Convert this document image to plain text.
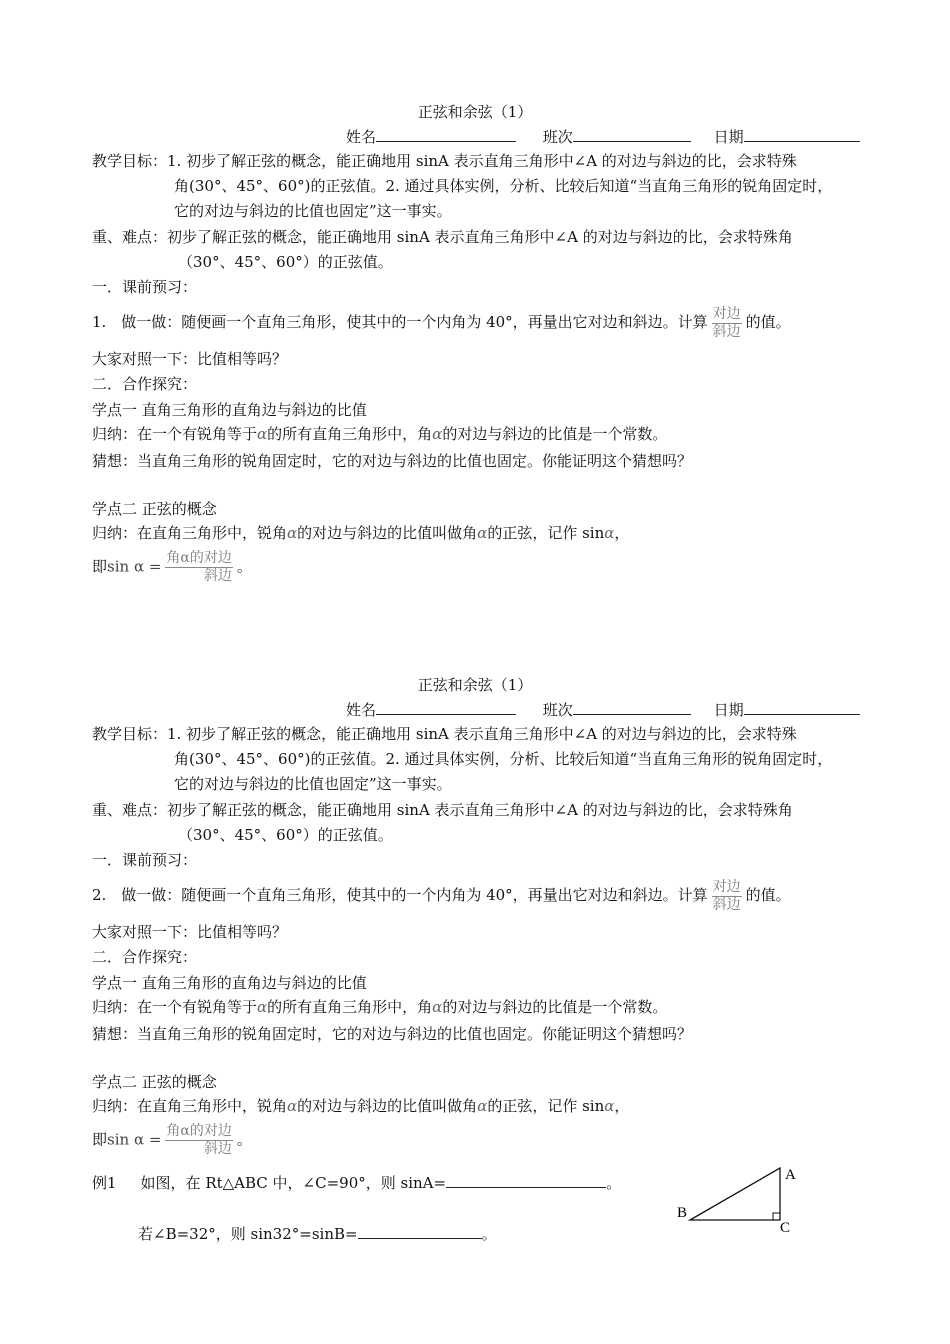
正弦和余弦（1）
姓名	班次	日期
教学目标：1. 初步了解正弦的概念，能正确地用 sinA 表示直角三角形中∠A 的对边与斜边的比，会求特殊
角(30°、45°、60°)的正弦值。2. 通过具体实例，分析、比较后知道“当直角三角形的锐角固定时，
它的对边与斜边的比值也固定”这一事实。
重、难点：初步了解正弦的概念，能正确地用 sinA 表示直角三角形中∠A 的对边与斜边的比，会求特殊角
（30°、45°、60°）的正弦值。
一．课前预习：
1.　做一做：随便画一个直角三角形，使其中的一个内角为 40°，再量出它对边和斜边。计算 $\frac{\text{对边}}{\text{斜边}}$ 的值。
大家对照一下：比值相等吗？
二．合作探究：
学点一 直角三角形的直角边与斜边的比值
归纳：在一个有锐角等于α的所有直角三角形中，角α的对边与斜边的比值是一个常数。
猜想：当直角三角形的锐角固定时，它的对边与斜边的比值也固定。你能证明这个猜想吗？
学点二 正弦的概念
归纳：在直角三角形中，锐角α的对边与斜边的比值叫做角α的正弦，记作 sinα，
即$\sin \alpha = \frac{\text{角α的对边}}{\text{斜边}}$ 。
正弦和余弦（1）
姓名	班次	日期
教学目标：1. 初步了解正弦的概念，能正确地用 sinA 表示直角三角形中∠A 的对边与斜边的比，会求特殊
角(30°、45°、60°)的正弦值。2. 通过具体实例，分析、比较后知道“当直角三角形的锐角固定时，
它的对边与斜边的比值也固定”这一事实。
重、难点：初步了解正弦的概念，能正确地用 sinA 表示直角三角形中∠A 的对边与斜边的比，会求特殊角
（30°、45°、60°）的正弦值。
一．课前预习：
2.　做一做：随便画一个直角三角形，使其中的一个内角为 40°，再量出它对边和斜边。计算 $\frac{\text{对边}}{\text{斜边}}$ 的值。
大家对照一下：比值相等吗？
二．合作探究：
学点一 直角三角形的直角边与斜边的比值
归纳：在一个有锐角等于α的所有直角三角形中，角α的对边与斜边的比值是一个常数。
猜想：当直角三角形的锐角固定时，它的对边与斜边的比值也固定。你能证明这个猜想吗？
学点二 正弦的概念
归纳：在直角三角形中，锐角α的对边与斜边的比值叫做角α的正弦，记作 sinα，
即$\sin \alpha = \frac{\text{角α的对边}}{\text{斜边}}$ 。
例1 如图，在 Rt△ABC 中，∠C=90°，则 sinA=	。
若∠B=32°，则 sin32°=sinB=	。
A
B
C
